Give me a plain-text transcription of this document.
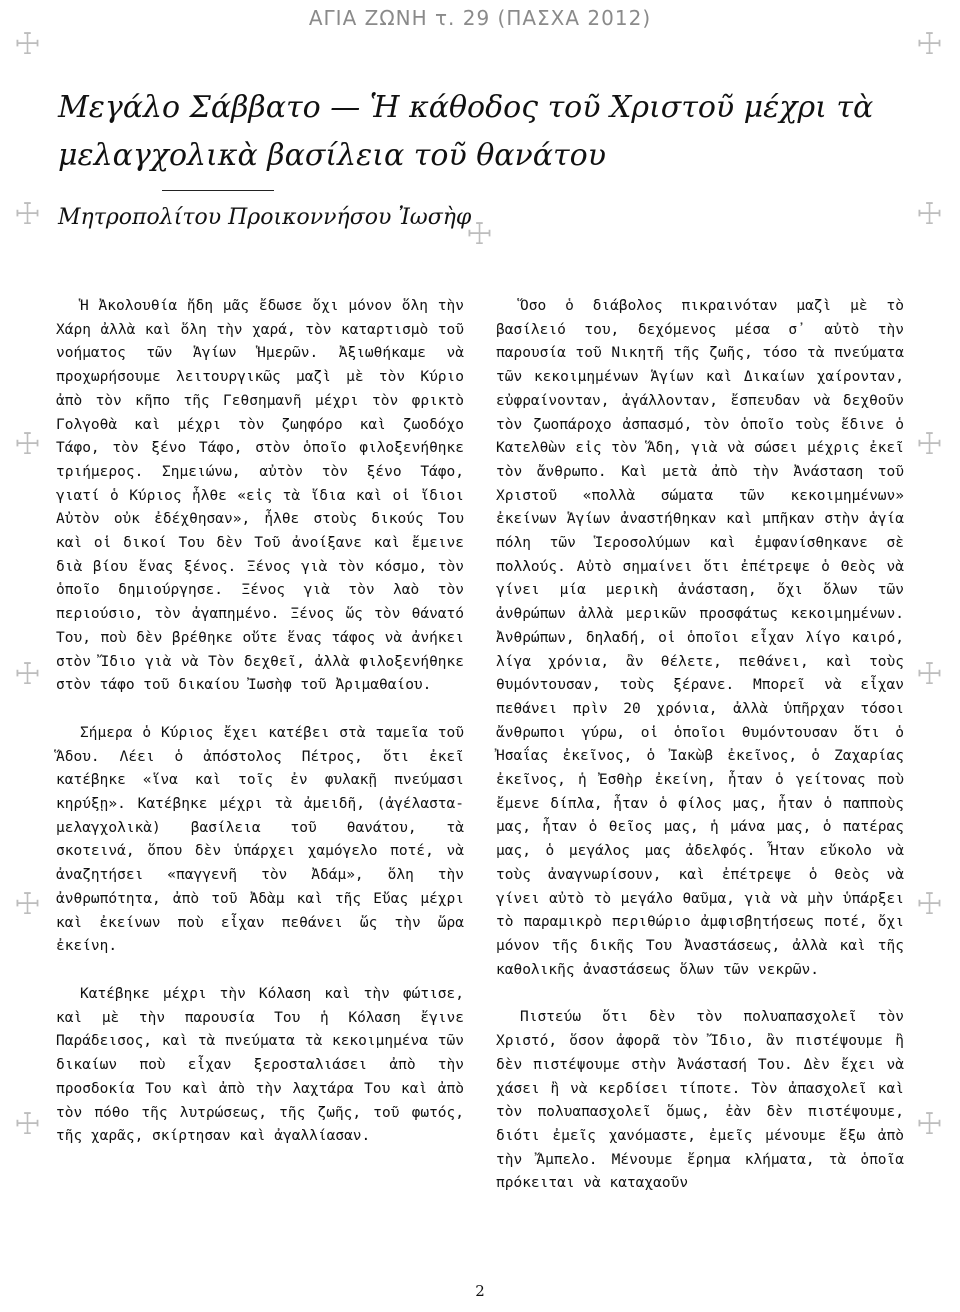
ΑΓΙΑ ΖΩΝΗ τ. 29 (ΠΑΣΧΑ 2012)
☩
☩
☩
☩
☩
☩
☩
☩
☩
☩
☩
☩
☩
Μεγάλο Σάββατο — Ἡ κάθοδος τοῦ Χριστοῦ μέχρι τὰ μελαγχολικὰ βασίλεια τοῦ θανάτου
Μητροπολίτου Προικοννήσου Ἰωσὴφ

Ἡ Ἀκολουθία ἤδη μᾶς ἔδωσε ὄχι μόνον ὅλη τὴν Χάρη ἀλλὰ καὶ ὅλη τὴν χαρά, τὸν καταρτισμὸ τοῦ νοήματος τῶν Ἁγίων Ἡμερῶν. Ἀξιωθήκαμε νὰ προχωρήσουμε λειτουργικῶς μαζὶ μὲ τὸν Κύριο ἀπὸ τὸν κῆπο τῆς Γεθσημανῆ μέχρι τὸν φρικτὸ Γολγοθὰ καὶ μέχρι τὸν ζωηφόρο καὶ ζωοδόχο Τάφο, τὸν ξένο Τάφο, στὸν ὁποῖο φιλοξενήθηκε τριήμερος. Σημειώνω, αὐτὸν τὸν ξένο Τάφο, γιατί ὁ Κύριος ἦλθε «εἰς τὰ ἴδια καὶ οἱ ἴδιοι Αὐτὸν οὐκ ἐδέχθησαν», ἦλθε στοὺς δικούς Του καὶ οἱ δικοί Του δὲν Τοῦ ἀνοίξανε καὶ ἔμεινε διὰ βίου ἕνας ξένος. Ξένος γιὰ τὸν κόσμο, τὸν ὁποῖο δημιούργησε. Ξένος γιὰ τὸν λαὸ τὸν περιούσιο, τὸν ἀγαπημένο. Ξένος ὥς τὸν θάνατό Του, ποὺ δὲν βρέθηκε οὔτε ἕνας τάφος νὰ ἀνήκει στὸν Ἴδιο γιὰ νὰ Τὸν δεχθεῖ, ἀλλὰ φιλοξενήθηκε στὸν τάφο τοῦ δικαίου Ἰωσὴφ τοῦ Ἀριμαθαίου.

Σήμερα ὁ Κύριος ἔχει κατέβει στὰ ταμεῖα τοῦ Ἅδου. Λέει ὁ ἀπόστολος Πέτρος, ὅτι ἐκεῖ κατέβηκε «ἵνα καὶ τοῖς ἐν φυλακῇ πνεύμασι κηρύξῃ». Κατέβηκε μέχρι τὰ ἀμειδῆ, (ἀγέλαστα-μελαγχολικὰ) βασίλεια τοῦ θανάτου, τὰ σκοτεινά, ὅπου δὲν ὑπάρχει χαμόγελο ποτέ, νὰ ἀναζητήσει «παγγενῆ τὸν Ἀδάμ», ὅλη τὴν ἀνθρωπότητα, ἀπὸ τοῦ Ἀδὰμ καὶ τῆς Εὔας μέχρι καὶ ἐκείνων ποὺ εἶχαν πεθάνει ὥς τὴν ὥρα ἐκείνη.

Κατέβηκε μέχρι τὴν Κόλαση καὶ τὴν φώτισε, καὶ μὲ τὴν παρουσία Του ἡ Κόλαση ἔγινε Παράδεισος, καὶ τὰ πνεύματα τὰ κεκοιμημένα τῶν δικαίων ποὺ εἶχαν ξεροσταλιάσει ἀπὸ τὴν προσδοκία Του καὶ ἀπὸ τὴν λαχτάρα Του καὶ ἀπὸ τὸν πόθο τῆς λυτρώσεως, τῆς ζωῆς, τοῦ φωτός, τῆς χαρᾶς, σκίρτησαν καὶ ἀγαλλίασαν.

Ὅσο ὁ διάβολος πικραινόταν μαζὶ μὲ τὸ βασίλειό του, δεχόμενος μέσα σ᾽ αὐτὸ τὴν παρουσία τοῦ Νικητῆ τῆς ζωῆς, τόσο τὰ πνεύματα τῶν κεκοιμημένων Ἁγίων καὶ Δικαίων χαίρονταν, εὐφραίνονταν, ἀγάλλονταν, ἔσπευδαν νὰ δεχθοῦν τὸν ζωοπάροχο ἀσπασμό, τὸν ὁποῖο τοὺς ἔδινε ὁ Κατελθὼν εἰς τὸν Ἅδη, γιὰ νὰ σώσει μέχρις ἐκεῖ τὸν ἄνθρωπο. Καὶ μετὰ ἀπὸ τὴν Ἀνάσταση τοῦ Χριστοῦ «πολλὰ σώματα τῶν κεκοιμημένων» ἐκείνων Ἁγίων ἀναστήθηκαν καὶ μπῆκαν στὴν ἁγία πόλη τῶν Ἱεροσολύμων καὶ ἐμφανίσθηκανε σὲ πολλούς. Αὐτὸ σημαίνει ὅτι ἐπέτρεψε ὁ Θεὸς νὰ γίνει μία μερικὴ ἀνάσταση, ὄχι ὅλων τῶν ἀνθρώπων ἀλλὰ μερικῶν προσφάτως κεκοιμημένων. Ἀνθρώπων, δηλαδή, οἱ ὁποῖοι εἶχαν λίγο καιρό, λίγα χρόνια, ἂν θέλετε, πεθάνει, καὶ τοὺς θυμόντουσαν, τοὺς ξέρανε. Μπορεῖ νὰ εἶχαν πεθάνει πρὶν 20 χρόνια, ἀλλὰ ὑπῆρχαν τόσοι ἄνθρωποι γύρω, οἱ ὁποῖοι θυμόντουσαν ὅτι ὁ Ἠσαΐας ἐκεῖνος, ὁ Ἰακὼβ ἐκεῖνος, ὁ Ζαχαρίας ἐκεῖνος, ἡ Ἐσθὴρ ἐκείνη, ἦταν ὁ γείτονας ποὺ ἔμενε δίπλα, ἦταν ὁ φίλος μας, ἦταν ὁ παπποὺς μας, ἦταν ὁ θεῖος μας, ἡ μάνα μας, ὁ πατέρας μας, ὁ μεγάλος μας ἀδελφός. Ἦταν εὔκολο νὰ τοὺς ἀναγνωρίσουν, καὶ ἐπέτρεψε ὁ Θεὸς νὰ γίνει αὐτὸ τὸ μεγάλο θαῦμα, γιὰ νὰ μὴν ὑπάρξει τὸ παραμικρὸ περιθώριο ἀμφισβητήσεως ποτέ, ὄχι μόνον τῆς δικῆς Του Ἀναστάσεως, ἀλλὰ καὶ τῆς καθολικῆς ἀναστάσεως ὅλων τῶν νεκρῶν.

Πιστεύω ὅτι δὲν τὸν πολυαπασχολεῖ τὸν Χριστό, ὅσον ἀφορᾶ τὸν Ἴδιο, ἂν πιστέψουμε ἢ δὲν πιστέψουμε στὴν Ἀνάστασή Του. Δὲν ἔχει νὰ χάσει ἢ νὰ κερδίσει τίποτε. Τὸν ἀπασχολεῖ καὶ τὸν πολυαπασχολεῖ ὅμως, ἐὰν δὲν πιστέψουμε, διότι ἐμεῖς χανόμαστε, ἐμεῖς μένουμε ἔξω ἀπὸ τὴν Ἄμπελο. Μένουμε ἔρημα κλήματα, τὰ ὁποῖα πρόκειται νὰ καταχαοῦν

2
